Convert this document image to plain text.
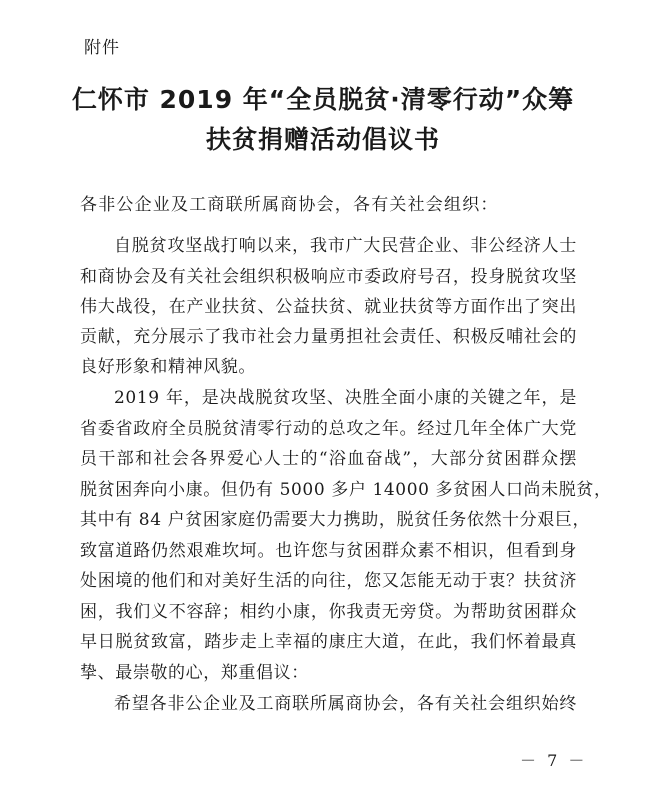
附件
仁怀市 2019 年“全员脱贫·清零行动”众筹
扶贫捐赠活动倡议书
各非公企业及工商联所属商协会，各有关社会组织：
自脱贫攻坚战打响以来，我市广大民营企业、非公经济人士
和商协会及有关社会组织积极响应市委政府号召，投身脱贫攻坚
伟大战役，在产业扶贫、公益扶贫、就业扶贫等方面作出了突出
贡献，充分展示了我市社会力量勇担社会责任、积极反哺社会的
良好形象和精神风貌。
2019 年，是决战脱贫攻坚、决胜全面小康的关键之年，是
省委省政府全员脱贫清零行动的总攻之年。经过几年全体广大党
员干部和社会各界爱心人士的“浴血奋战”，大部分贫困群众摆
脱贫困奔向小康。但仍有 5000 多户 14000 多贫困人口尚未脱贫，
其中有 84 户贫困家庭仍需要大力携助，脱贫任务依然十分艰巨，
致富道路仍然艰难坎坷。也许您与贫困群众素不相识，但看到身
处困境的他们和对美好生活的向往，您又怎能无动于衷？扶贫济
困，我们义不容辞；相约小康，你我责无旁贷。为帮助贫困群众
早日脱贫致富，踏步走上幸福的康庄大道，在此，我们怀着最真
挚、最崇敬的心，郑重倡议：
希望各非公企业及工商联所属商协会，各有关社会组织始终
－ 7 －
